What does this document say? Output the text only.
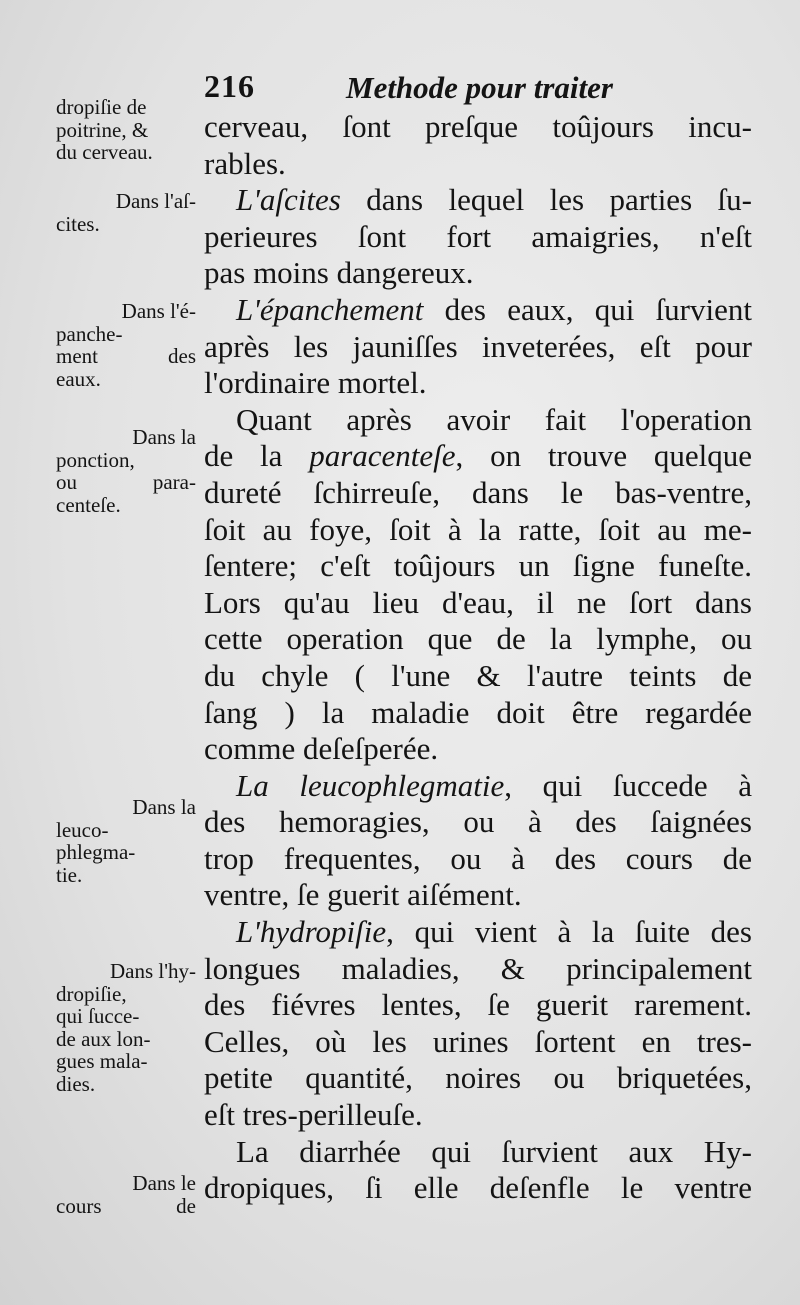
216	Methode pour traiter
cerveau, ſont preſque toûjours incu-
rables.
L'aſcites dans lequel les parties ſu-
perieures ſont fort amaigries, n'eſt
pas moins dangereux.
L'épanchement des eaux, qui ſurvient
après les jauniſſes inveterées, eſt pour
l'ordinaire mortel.
Quant après avoir fait l'operation
de la paracenteſe, on trouve quelque
dureté ſchirreuſe, dans le bas-ventre,
ſoit au foye, ſoit à la ratte, ſoit au me-
ſentere; c'eſt toûjours un ſigne funeſte.
Lors qu'au lieu d'eau, il ne ſort dans
cette operation que de la lymphe, ou
du chyle ( l'une & l'autre teints de
ſang ) la maladie doit être regardée
comme deſeſperée.
La leucophlegmatie, qui ſuccede à
des hemoragies, ou à des ſaignées
trop frequentes, ou à des cours de
ventre, ſe guerit aiſément.
L'hydropiſie, qui vient à la ſuite des
longues maladies, & principalement
des fiévres lentes, ſe guerit rarement.
Celles, où les urines ſortent en tres-
petite quantité, noires ou briquetées,
eſt tres-perilleuſe.
La diarrhée qui ſurvient aux Hy-
dropiques, ſi elle deſenfle le ventre
dropiſie de
poitrine, &
du cerveau.
Dans l'aſ-
cites.
Dans l'é-
panche-
ment des
eaux.
Dans la
ponction,
ou para-
centeſe.
Dans la
leuco-
phlegma-
tie.
Dans l'hy-
dropiſie,
qui ſucce-
de aux lon-
gues mala-
dies.
Dans le
cours de
